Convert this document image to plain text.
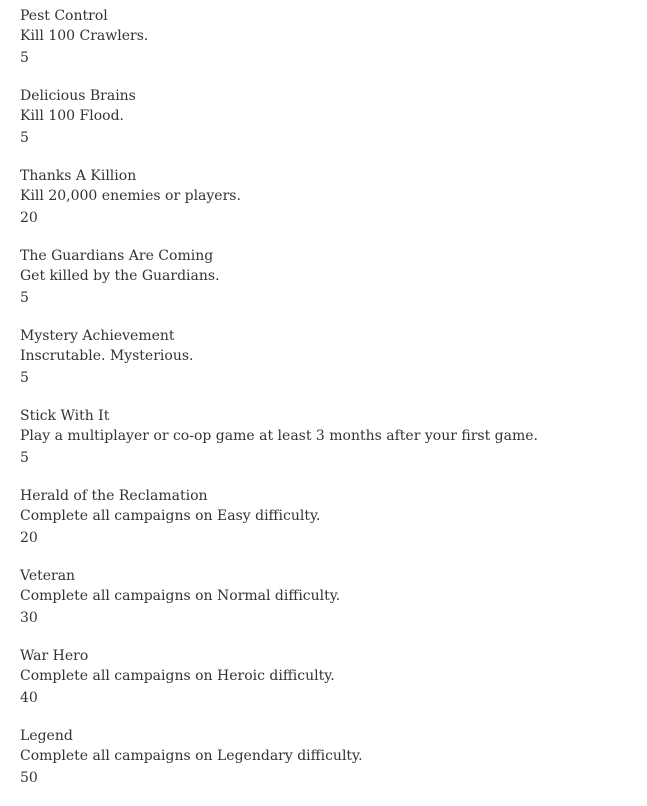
Pest Control
Kill 100 Crawlers.
5
Delicious Brains
Kill 100 Flood.
5
Thanks A Killion
Kill 20,000 enemies or players.
20
The Guardians Are Coming
Get killed by the Guardians.
5
Mystery Achievement
Inscrutable. Mysterious.
5
Stick With It
Play a multiplayer or co-op game at least 3 months after your first game.
5
Herald of the Reclamation
Complete all campaigns on Easy difficulty.
20
Veteran
Complete all campaigns on Normal difficulty.
30
War Hero
Complete all campaigns on Heroic difficulty.
40
Legend
Complete all campaigns on Legendary difficulty.
50
